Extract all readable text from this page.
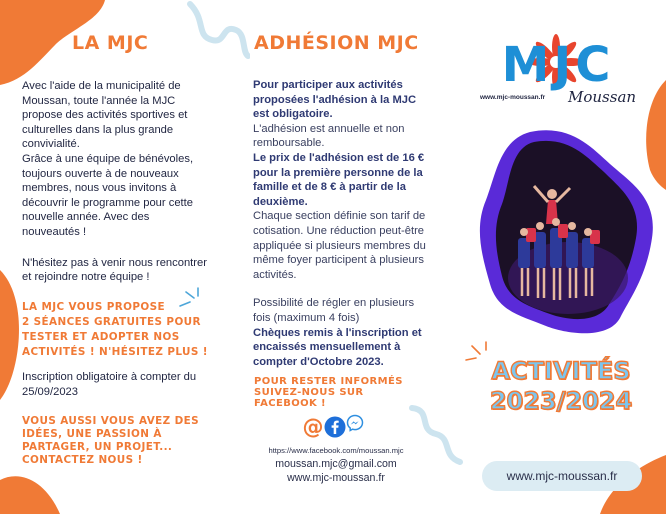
LA MJC

Avec l'aide de la municipalité de Moussan, toute l'année la MJC propose des activités sportives et culturelles dans la plus grande convivialité.

Grâce à une équipe de bénévoles, toujours ouverte à de nouveaux membres, nous vous invitons à découvrir le programme pour cette nouvelle année. Avec des nouveautés !

N'hésitez pas à venir nous rencontrer et rejoindre notre équipe !

LA MJC VOUS PROPOSE
2 SÉANCES GRATUITES POUR
TESTER ET ADOPTER NOS
ACTIVITÉS ! N'HÉSITEZ PLUS !
Inscription obligatoire à compter du 25/09/2023
VOUS AUSSI VOUS AVEZ DES
IDÉES, UNE PASSION À
PARTAGER, UN PROJET...
CONTACTEZ NOUS !
ADHÉSION MJC

Pour participer aux activités proposées l'adhésion à la MJC est obligatoire.

L'adhésion est annuelle et non remboursable.

Le prix de l'adhésion est de 16 € pour la première personne de la famille et de 8 € à partir de la deuxième.

Chaque section définie son tarif de cotisation. Une réduction peut-être appliquée si plusieurs membres du même foyer participent à plusieurs activités.

Possibilité de régler en plusieurs fois (maximum 4 fois)

Chèques remis à l'inscription et encaissés mensuellement à compter d'Octobre 2023.

POUR RESTER INFORMÉS
SUIVEZ-NOUS SUR
FACEBOOK !
@
https://www.facebook.com/moussan.mjc
moussan.mjc@gmail.com
www.mjc-moussan.fr
MJC
www.mjc-moussan.fr Moussan
ACTIVITÉS
2023/2024
www.mjc-moussan.fr
